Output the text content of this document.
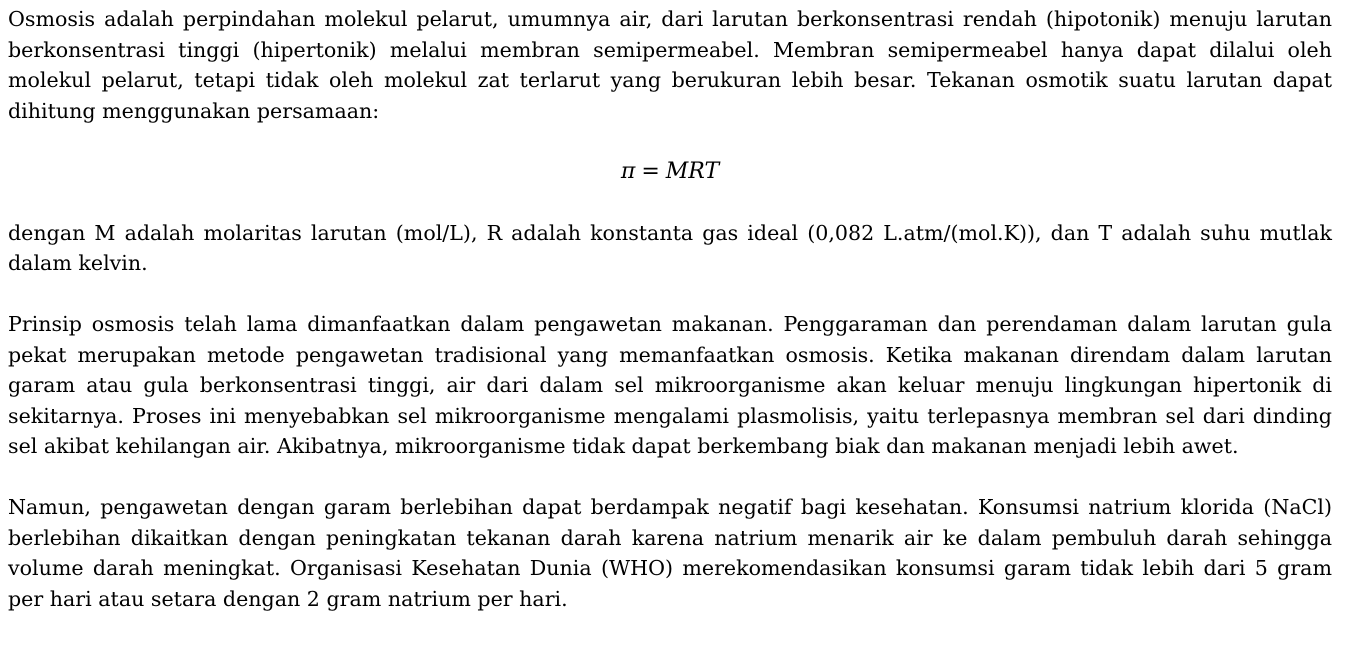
Osmosis adalah perpindahan molekul pelarut, umumnya air, dari larutan berkonsentrasi rendah (hipotonik) menuju larutan berkonsentrasi tinggi (hipertonik) melalui membran semipermeabel. Membran semipermeabel hanya dapat dilalui oleh molekul pelarut, tetapi tidak oleh molekul zat terlarut yang berukuran lebih besar. Tekanan osmotik suatu larutan dapat dihitung menggunakan persamaan:

π = MRT

dengan M adalah molaritas larutan (mol/L), R adalah konstanta gas ideal (0,082 L.atm/(mol.K)), dan T adalah suhu mutlak dalam kelvin.

Prinsip osmosis telah lama dimanfaatkan dalam pengawetan makanan. Penggaraman dan perendaman dalam larutan gula pekat merupakan metode pengawetan tradisional yang memanfaatkan osmosis. Ketika makanan direndam dalam larutan garam atau gula berkonsentrasi tinggi, air dari dalam sel mikroorganisme akan keluar menuju lingkungan hipertonik di sekitarnya. Proses ini menyebabkan sel mikroorganisme mengalami plasmolisis, yaitu terlepasnya membran sel dari dinding sel akibat kehilangan air. Akibatnya, mikroorganisme tidak dapat berkembang biak dan makanan menjadi lebih awet.

Namun, pengawetan dengan garam berlebihan dapat berdampak negatif bagi kesehatan. Konsumsi natrium klorida (NaCl) berlebihan dikaitkan dengan peningkatan tekanan darah karena natrium menarik air ke dalam pembuluh darah sehingga volume darah meningkat. Organisasi Kesehatan Dunia (WHO) merekomendasikan konsumsi garam tidak lebih dari 5 gram per hari atau setara dengan 2 gram natrium per hari.
